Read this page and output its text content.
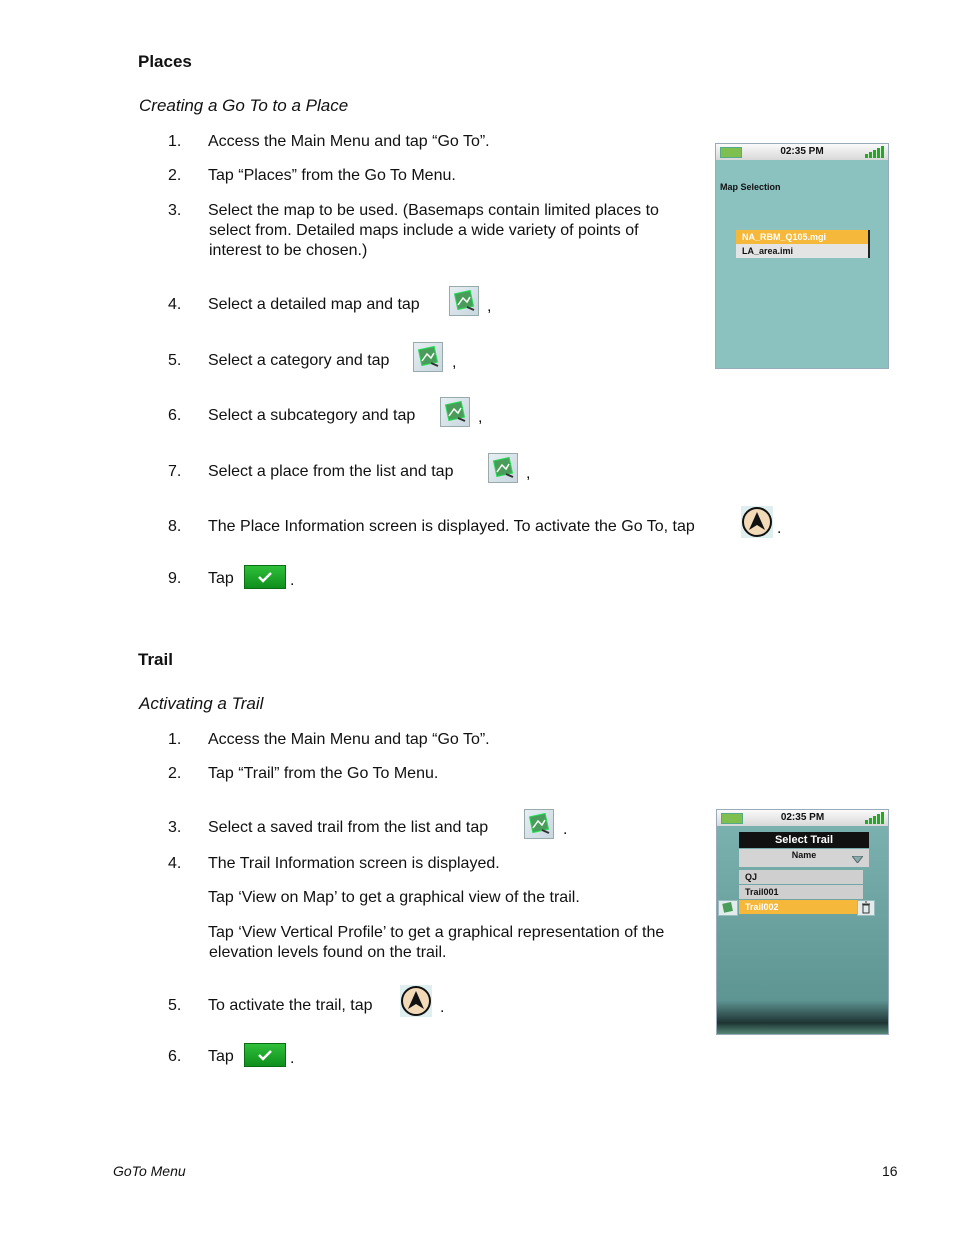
Places
Creating a Go To to a Place
1.	Access the Main Menu and tap “Go To”.
2.	Tap “Places” from the Go To Menu.
3.	Select the map to be used. (Basemaps contain limited places to
select from. Detailed maps include a wide variety of points of
interest to be chosen.)
4.	Select a detailed map and tap	,
5.	Select a category and tap	,
6.	Select a subcategory and tap	,
7.	Select a place from the list and tap	,
8.	The Place Information screen is displayed. To activate the Go To, tap	.
9.	Tap	.
02:35 PM
Map Selection
NA_RBM_Q105.mgi
LA_area.imi
Trail
Activating a Trail
1.	Access the Main Menu and tap “Go To”.
2.	Tap “Trail” from the Go To Menu.
3.	Select a saved trail from the list and tap	.
4.	The Trail Information screen is displayed.
Tap ‘View on Map’ to get a graphical view of the trail.
Tap ‘View Vertical Profile’ to get a graphical representation of the
elevation levels found on the trail.
5.	To activate the trail, tap	.
6.	Tap	.
02:35 PM
Select Trail
Name
QJ
Trail001
Trail002
GoTo Menu	16
